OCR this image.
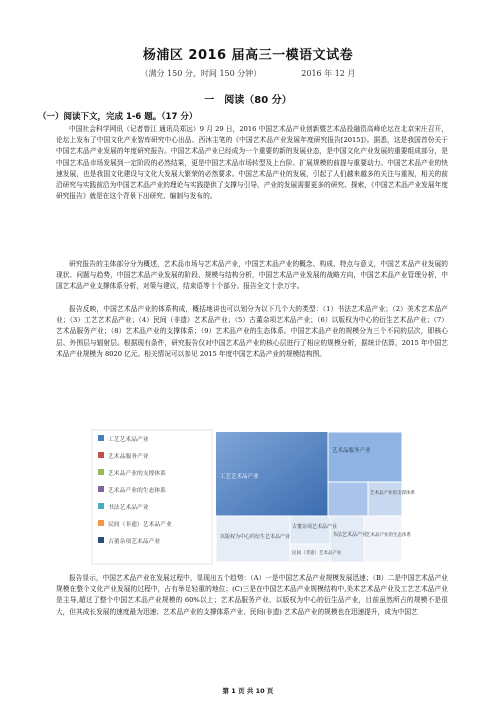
杨浦区 2016 届高三一模语文试卷
（满分 150 分，时间 150 分钟）	2016 年 12 月
一　阅读（80 分）
（一）阅读下文，完成 1-6 题。（17 分）

中国社会科学网讯（记者曾江 通讯员郑远）9 月 29 日，2016 中国艺术品产业创新暨艺术品投融资高峰论坛在北京宋庄召开，论坛上发布了中国文化产业智库研究中心出品、西沐主笔的《中国艺术品产业发展年度研究报告[2015]》。据悉，这是我国首份关于中国艺术品产业发展的年度研究报告。中国艺术品产业已经成为一个重要的新的发展业态，是中国文化产业发展的重要组成部分，是中国艺术品市场发展到一定阶段的必然结果，更是中国艺术品市场转型及上台阶、扩展规模的前提与重要动力。中国艺术品产业的快速发展，也是我国文化建设与文化大发展大繁荣的必然要求。中国艺术品产业的发展，引起了人们越来越多的关注与重视，相关的前沿研究与实践前沿为中国艺术品产业的理论与实践提供了支撑与引导，产业的发展需要更多的研究、探索，《中国艺术品产业发展年度研究报告》就是在这个背景下出研究、编制与发布的。

研究报告的主体部分分为概述，艺术品市场与艺术品产业，中国艺术品产业的概念、构成、特点与意义，中国艺术品产业发展的现状、问题与趋势，中国艺术品产业发展的阶段、规模与结构分析，中国艺术品产业发展的战略方向，中国艺术品产业管理分析，中国艺术品产业支撑体系分析，对策与建议，结束语等十个部分。报告全文十余万字。

报告反映，中国艺术品产业的体系构成，概括地讲也可以划分为以下几个大的类型：（1）书法艺术品产业；（2）美术艺术品产业；（3）工艺艺术品产业；（4）民间（非遗）艺术品产业；（5）古董杂项艺术品产业；（6）以版权为中心的衍生艺术品产业；（7）艺术品服务产业；（8）艺术品产业的支撑体系；（9）艺术品产业的生态体系。中国艺术品产业的规模分为三个不同的层次，即核心层、外围层与辐射层。根据现有条件，研究报告仅对中国艺术品产业的核心层进行了相应的规模分析，据统计估算，2015 年中国艺术品产业规模为 8020 亿元。相关情况可以参见 2015 年度中国艺术品产业的规模结构图。

工艺艺术品产业
艺术品服务产业
艺术品产业的支撑体系
艺术品产业的生态体系
书法艺术品产业
民间（非遗）艺术品产业
古董杂项艺术品产业
艺术品服务产业
工艺艺术品产业
以版权为中心的衍生艺术品产业
古董杂项艺术品产业
民间（非遗）艺术品产业
书法艺术品产业
艺术品产业的支撑体系
艺术品产业的生态体系

报告显示，中国艺术品产业在发展过程中，显现出五个趋势：（A）一是中国艺术品产业规模发展迅速；（B）二是中国艺术品产业规模在整个文化产业发展的过程中，占有举足轻重的地位；(C)三是在中国艺术品产业规模结构中,美术艺术品产业及工艺艺术品产业是主导,超过了整个中国艺术品产业规模的 60%以上；艺术品服务产业、以版权为中心的衍生品产业，目前虽然所占的规模不是很大，但其成长发展的速度最为迅速；艺术品产业的支撑体系产业、民间(非遗) 艺术品产业的规模也在迅速提升，成为中国艺

第 1 页 共 10 页
